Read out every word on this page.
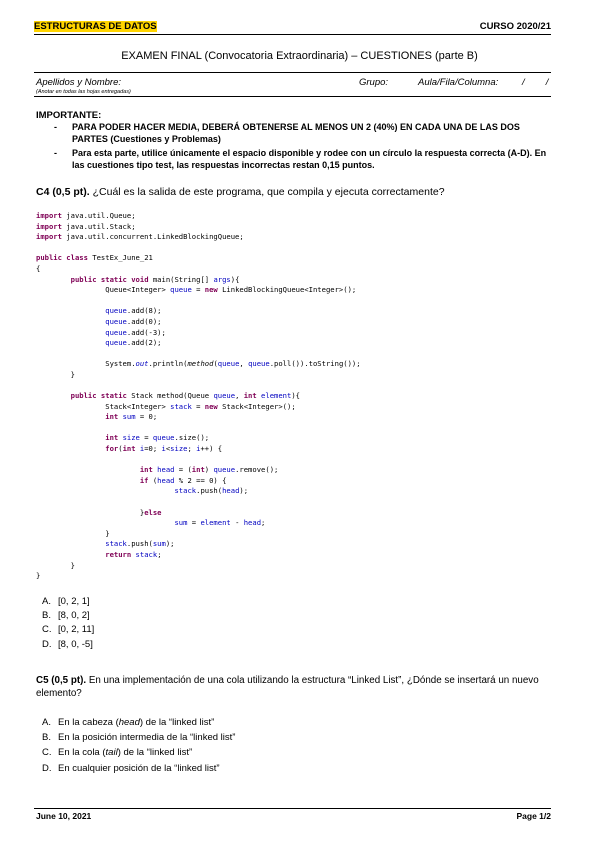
ESTRUCTURAS DE DATOS	CURSO 2020/21
EXAMEN FINAL (Convocatoria Extraordinaria) – CUESTIONES (parte B)
Apellidos y Nombre:
(Anotar en todas las hojas entregadas)
Grupo:	Aula/Fila/Columna: /        /
IMPORTANTE:
- PARA PODER HACER MEDIA, DEBERÁ OBTENERSE AL MENOS UN 2 (40%) EN CADA UNA DE LAS DOS
PARTES (Cuestiones y Problemas)
- Para esta parte, utilice únicamente el espacio disponible y rodee con un círculo la respuesta correcta (A-D). En
las cuestiones tipo test, las respuestas incorrectas restan 0,15 puntos.
C4 (0,5 pt). ¿Cuál es la salida de este programa, que compila y ejecuta correctamente?
import java.util.Queue;
import java.util.Stack;
import java.util.concurrent.LinkedBlockingQueue;

public class TestEx_June_21
{
public static void main(String[] args){
Queue<Integer> queue = new LinkedBlockingQueue<Integer>();

queue.add(8);
queue.add(0);
queue.add(-3);
queue.add(2);

System.out.println(method(queue, queue.poll()).toString());
}

public static Stack method(Queue queue, int element){
Stack<Integer> stack = new Stack<Integer>();
int sum = 0;

int size = queue.size();
for(int i=0; i<size; i++) {

int head = (int) queue.remove();
if (head % 2 == 0) {
stack.push(head);

}else
sum = element - head;
}
stack.push(sum);
return stack;
}
}
A. [0, 2, 1]
B. [8, 0, 2]
C. [0, 2, 11]
D. [8, 0, -5]
C5 (0,5 pt). En una implementación de una cola utilizando la estructura “Linked List”, ¿Dónde se insertará un nuevo
elemento?
A. En la cabeza (head) de la “linked list”
B. En la posición intermedia de la “linked list”
C. En la cola (tail) de la “linked list”
D. En cualquier posición de la “linked list”
June 10, 2021	Page 1/2
